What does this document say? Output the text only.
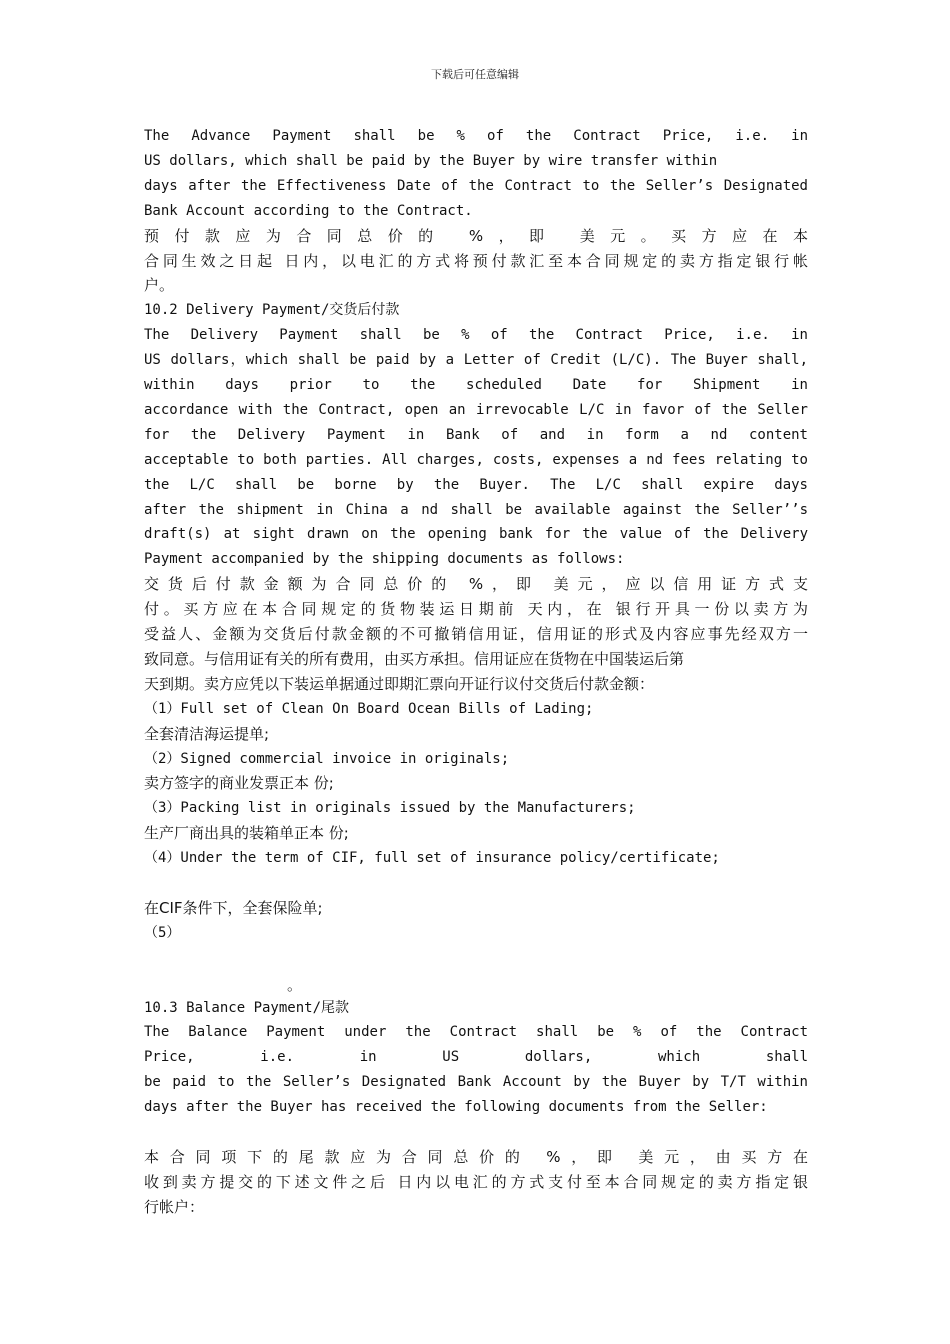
下载后可任意编辑
The Advance Payment shall be % of the Contract Price, i.e. in
US dollars, which shall be paid by the Buyer by wire transfer within
days after the Effectiveness Date of the Contract to the Seller’s Designated
Bank Account according to the Contract.
预付款应为合同总价的 %，即 美元。买方应在本
合同生效之日起 日内，以电汇的方式将预付款汇至本合同规定的卖方指定银行帐
户。
10.2 Delivery Payment/交货后付款
The Delivery Payment shall be % of the Contract Price, i.e. in
US dollars，which shall be paid by a Letter of Credit (L/C). The Buyer shall,
within days prior to the scheduled Date for Shipment in
accordance with the Contract, open an irrevocable L/C in favor of the Seller
for the Delivery Payment in Bank of and in form a nd content
acceptable to both parties. All charges, costs, expenses a nd fees relating to
the L/C shall be borne by the Buyer. The L/C shall expire days
after the shipment in China a nd shall be available against the Seller’’s
draft(s) at sight drawn on the opening bank for the value of the Delivery
Payment accompanied by the shipping documents as follows:
交货后付款金额为合同总价的 %，即 美元，应以信用证方式支
付。买方应在本合同规定的货物装运日期前 天内，在 银行开具一份以卖方为
受益人、金额为交货后付款金额的不可撤销信用证，信用证的形式及内容应事先经双方一
致同意。与信用证有关的所有费用，由买方承担。信用证应在货物在中国装运后第
天到期。卖方应凭以下装运单据通过即期汇票向开证行议付交货后付款金额：
（1）Full set of Clean On Board Ocean Bills of Lading;
全套清洁海运提单;
（2）Signed commercial invoice in originals;
卖方签字的商业发票正本 份;
（3）Packing list in originals issued by the Manufacturers;
生产厂商出具的装箱单正本 份;
（4）Under the term of CIF, full set of insurance policy/certificate;
在CIF条件下，全套保险单;
（5）
10.3 Balance Payment/尾款
The Balance Payment under the Contract shall be % of the Contract
Price, i.e. in US dollars, which shall
be paid to the Seller’s Designated Bank Account by the Buyer by T/T within
days after the Buyer has received the following documents from the Seller:
本合同项下的尾款应为合同总价的 %，即 美元，由买方在
收到卖方提交的下述文件之后 日内以电汇的方式支付至本合同规定的卖方指定银
行帐户：
。
